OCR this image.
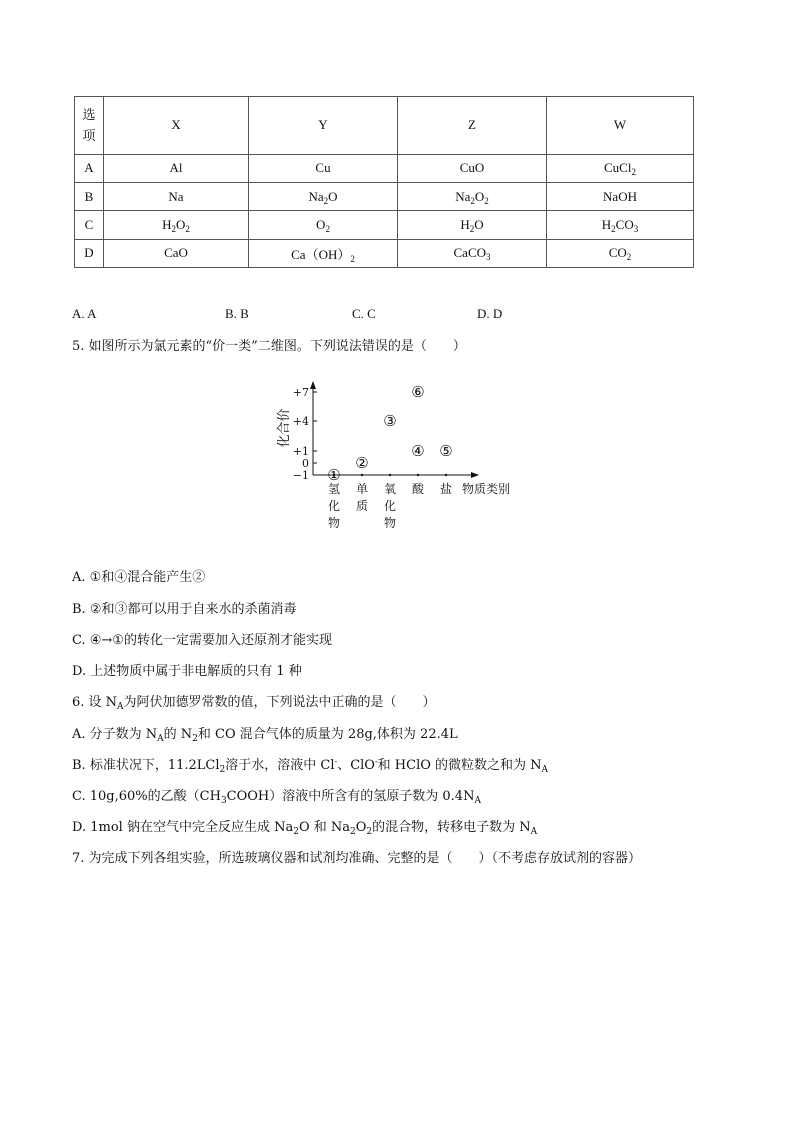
选项	X	Y	Z	W
A	Al	Cu	CuO	CuCl$_2$
B	Na	$Na_2O$	$Na_2O_2$	NaOH
C	$H_2O_2$	$O_2$	$H_2O$	$H_2CO_3$
D	CaO	$Ca(OH)_2$	CaCO$_3$	$CO_2$
A. A	B. B	C. C	D. D
5. 如图所示为氯元素的“价一类”二维图。下列说法错误的是（　　）
化合价
物质类别
+7
+4
+1
0
−1
氢化物
单质
氧化物
酸 盐
①
②
③
⑥
④ ⑤
A. ①和④混合能产生②
B. ②和③都可以用于自来水的杀菌消毒
C. ④→①的转化一定需要加入还原剂才能实现
D. 上述物质中属于非电解质的只有 1 种
6. 设 $N_A$为阿伏加德罗常数的值，下列说法中正确的是（　　）
A. 分子数为 $N_A$的 $N_2$和 CO 混合气体的质量为 28g,体积为 22.4L
B. 标准状况下，11.2LCl$_2$溶于水，溶液中 Cl-、ClO-和 HClO 的微粒数之和为 $N_A$
C. 10g,60%的乙酸$(CH_3COOH)$溶液中所含有的氢原子数为 $0.4N_A$
D. 1mol 钠在空气中完全反应生成 $Na_2O$ 和 $Na_2O_2$的混合物，转移电子数为 $N_A$
7. 为完成下列各组实验，所选玻璃仪器和试剂均准确、完整的是（　　）（不考虑存放试剂的容器）
